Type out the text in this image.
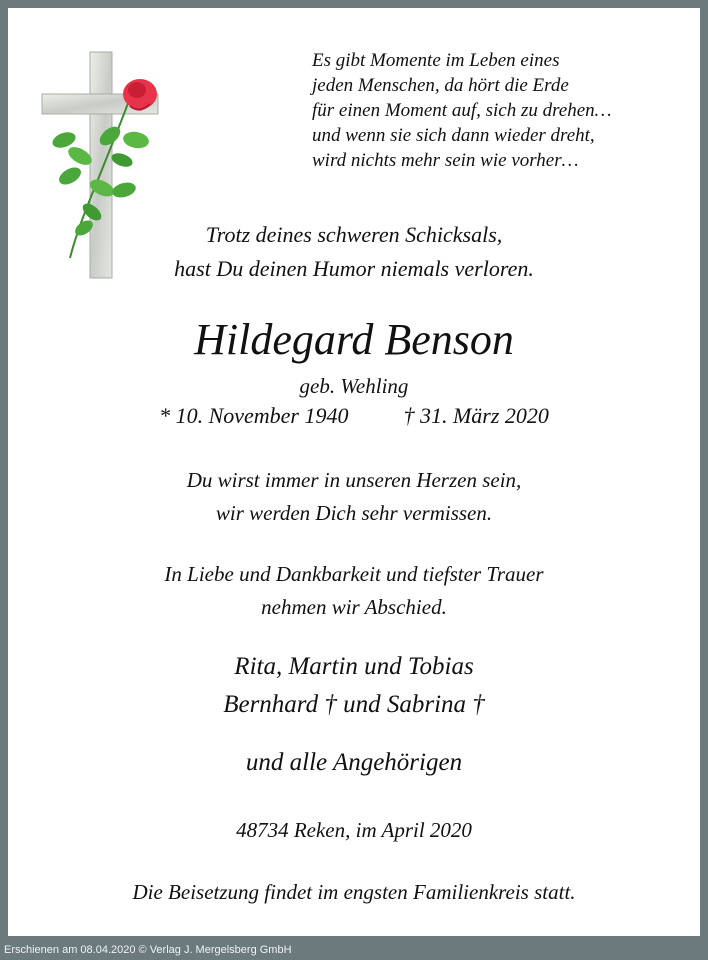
Es gibt Momente im Leben eines
jeden Menschen, da hört die Erde
für einen Moment auf, sich zu drehen…
und wenn sie sich dann wieder dreht,
wird nichts mehr sein wie vorher…
Trotz deines schweren Schicksals,
hast Du deinen Humor niemals verloren.
Hildegard Benson
geb. Wehling
* 10. November 1940	† 31. März 2020
Du wirst immer in unseren Herzen sein,
wir werden Dich sehr vermissen.
In Liebe und Dankbarkeit und tiefster Trauer
nehmen wir Abschied.
Rita, Martin und Tobias
Bernhard † und Sabrina †
und alle Angehörigen
48734 Reken, im April 2020
Die Beisetzung findet im engsten Familienkreis statt.
Erschienen am 08.04.2020 © Verlag J. Mergelsberg GmbH
